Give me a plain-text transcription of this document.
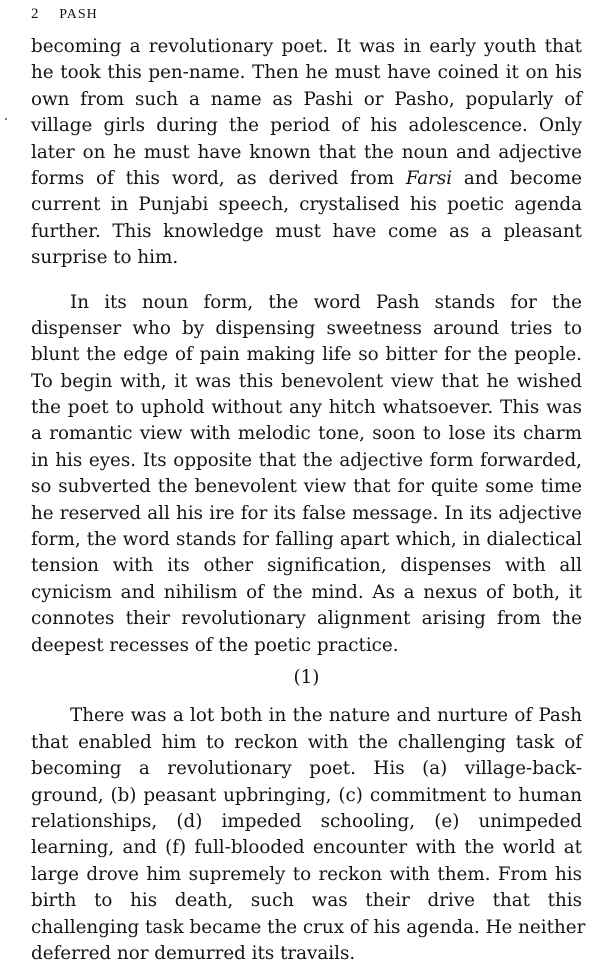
2 PASH
becoming a revolutionary poet. It was in early youth that
he took this pen-name. Then he must have coined it on his
own from such a name as Pashi or Pasho, popularly of
village girls during the period of his adolescence. Only
later on he must have known that the noun and adjective
forms of this word, as derived from Farsi and become
current in Punjabi speech, crystalised his poetic agenda
further. This knowledge must have come as a pleasant
surprise to him.
In its noun form, the word Pash stands for the
dispenser who by dispensing sweetness around tries to
blunt the edge of pain making life so bitter for the people.
To begin with, it was this benevolent view that he wished
the poet to uphold without any hitch whatsoever. This was
a romantic view with melodic tone, soon to lose its charm
in his eyes. Its opposite that the adjective form forwarded,
so subverted the benevolent view that for quite some time
he reserved all his ire for its false message. In its adjective
form, the word stands for falling apart which, in dialectical
tension with its other signification, dispenses with all
cynicism and nihilism of the mind. As a nexus of both, it
connotes their revolutionary alignment arising from the
deepest recesses of the poetic practice.
(1)
There was a lot both in the nature and nurture of Pash
that enabled him to reckon with the challenging task of
becoming a revolutionary poet. His (a) village-back-
ground, (b) peasant upbringing, (c) commitment to human
relationships, (d) impeded schooling, (e) unimpeded
learning, and (f) full-blooded encounter with the world at
large drove him supremely to reckon with them. From his
birth to his death, such was their drive that this
challenging task became the crux of his agenda. He neither
deferred nor demurred its travails.
